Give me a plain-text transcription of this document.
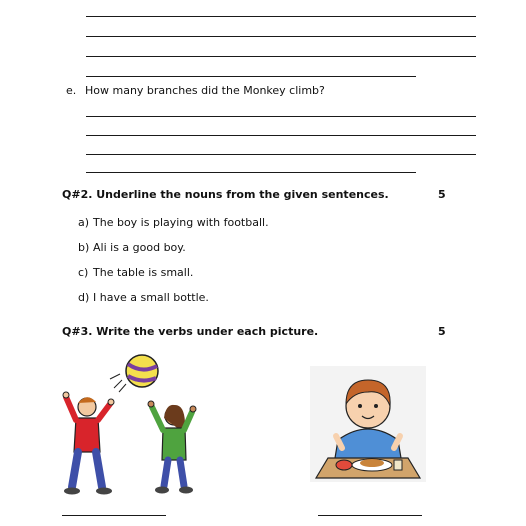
e. How many branches did the Monkey climb?
Q#2. Underline the nouns from the given sentences.	5
a) The boy is playing with football.
b) Ali is a good boy.
c) The table is small.
d) I have a small bottle.
Q#3. Write the verbs under each picture.	5
